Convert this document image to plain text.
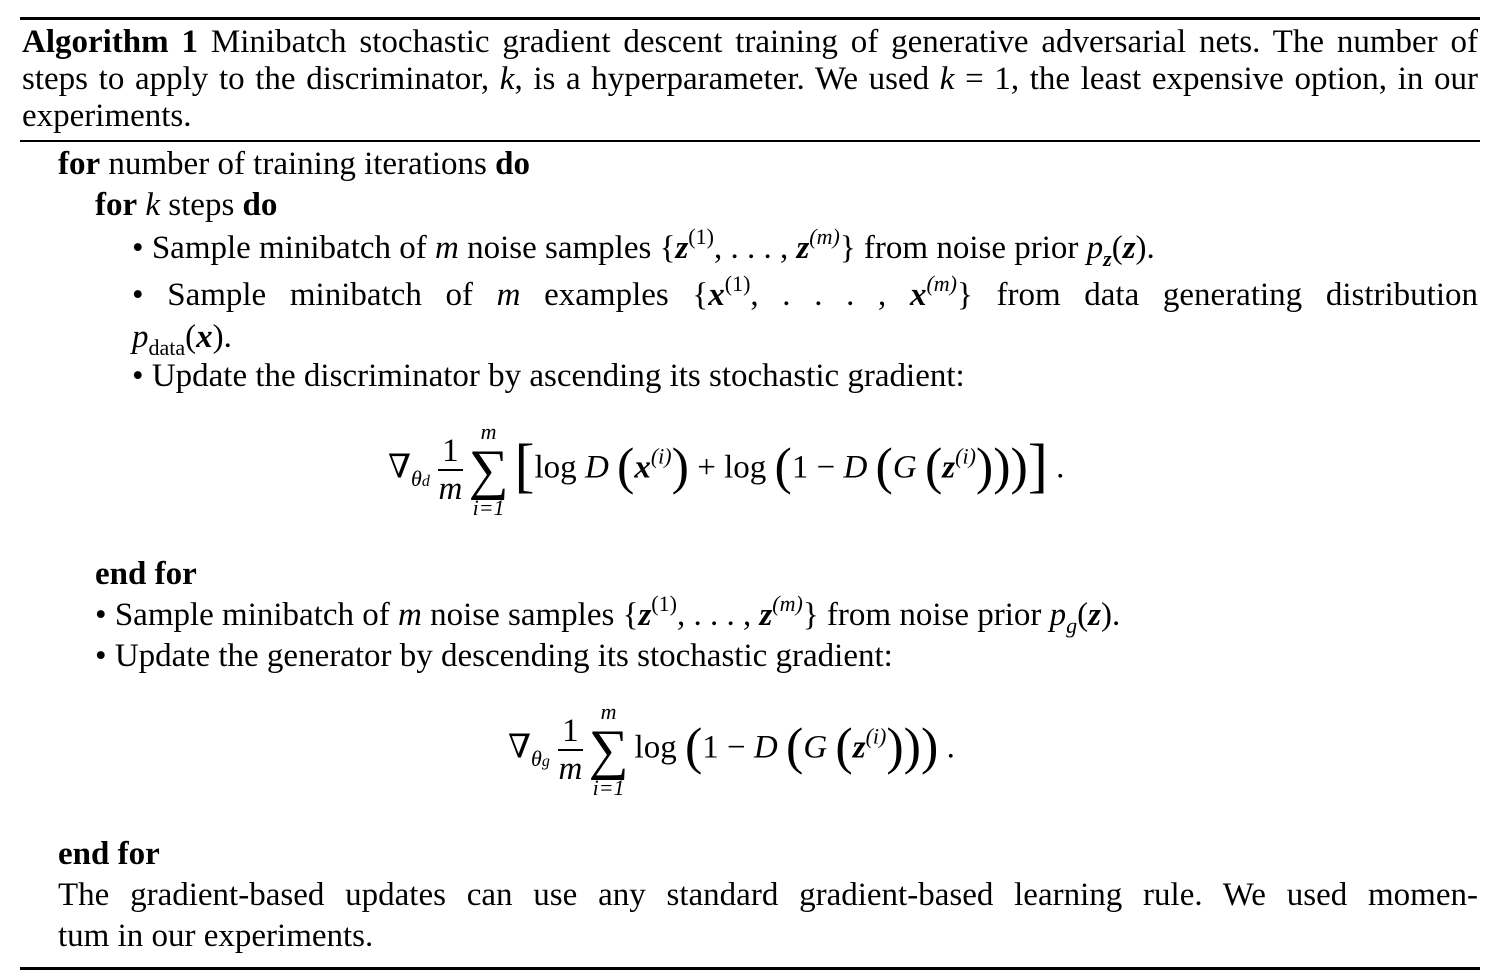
Algorithm 1 Minibatch stochastic gradient descent training of generative adversarial nets. The number of
steps to apply to the discriminator, k, is a hyperparameter. We used k = 1, the least expensive option, in our
experiments.
for number of training iterations do
for k steps do
• Sample minibatch of m noise samples {$z^{(1)}$, . . . , $z^{(m)}$} from noise prior $p_z(z)$.
• Sample minibatch of m examples {$x^{(1)}$, . . . , $x^{(m)}$} from data generating distribution
$p_{data}(x)$.
• Update the discriminator by ascending its stochastic gradient:
$\nabla_{\theta d} \frac{1}{m}$
m
∑
i=1
[log D $(x^{(i)}) + \log (1 - D$ (G $(z^{(i)})$))] .
end for
• Sample minibatch of m noise samples {$z^{(1)}$, . . . , $z^{(m)}$} from noise prior $p_g(z)$.
• Update the generator by descending its stochastic gradient:
$\nabla_{\theta g} \frac{1}{m}$
m
∑
i=1
log (1 − D (G $(z^{(i)})$)) .
end for
The gradient-based updates can use any standard gradient-based learning rule. We used momen-
tum in our experiments.
